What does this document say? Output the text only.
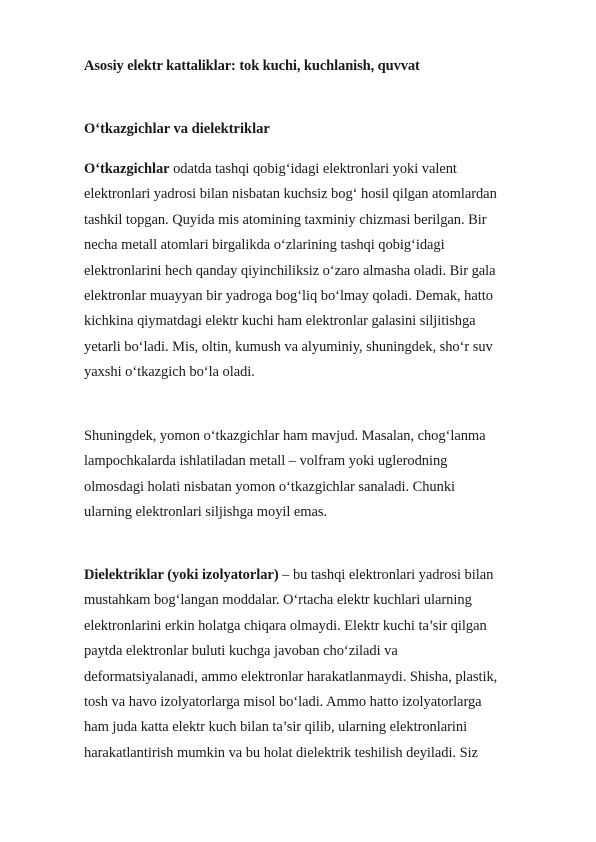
Asosiy elektr kattaliklar: tok kuchi, kuchlanish, quvvat
O‘tkazgichlar va dielektriklar

O‘tkazgichlar odatda tashqi qobig‘idagi elektronlari yoki valent
elektronlari yadrosi bilan nisbatan kuchsiz bog‘ hosil qilgan atomlardan
tashkil topgan. Quyida mis atomining taxminiy chizmasi berilgan. Bir
necha metall atomlari birgalikda o‘zlarining tashqi qobig‘idagi
elektronlarini hech qanday qiyinchiliksiz o‘zaro almasha oladi. Bir gala
elektronlar muayyan bir yadroga bog‘liq bo‘lmay qoladi. Demak, hatto
kichkina qiymatdagi elektr kuchi ham elektronlar galasini siljitishga
yetarli bo‘ladi. Mis, oltin, kumush va alyuminiy, shuningdek, sho‘r suv
yaxshi o‘tkazgich bo‘la oladi.

Shuningdek, yomon o‘tkazgichlar ham mavjud. Masalan, chog‘lanma
lampochkalarda ishlatiladan metall – volfram yoki uglerodning
olmosdagi holati nisbatan yomon o‘tkazgichlar sanaladi. Chunki
ularning elektronlari siljishga moyil emas.

Dielektriklar (yoki izolyatorlar) – bu tashqi elektronlari yadrosi bilan
mustahkam bog‘langan moddalar. O‘rtacha elektr kuchlari ularning
elektronlarini erkin holatga chiqara olmaydi. Elektr kuchi ta’sir qilgan
paytda elektronlar buluti kuchga javoban cho‘ziladi va
deformatsiyalanadi, ammo elektronlar harakatlanmaydi. Shisha, plastik,
tosh va havo izolyatorlarga misol bo‘ladi. Ammo hatto izolyatorlarga
ham juda katta elektr kuch bilan ta’sir qilib, ularning elektronlarini
harakatlantirish mumkin va bu holat dielektrik teshilish deyiladi. Siz
